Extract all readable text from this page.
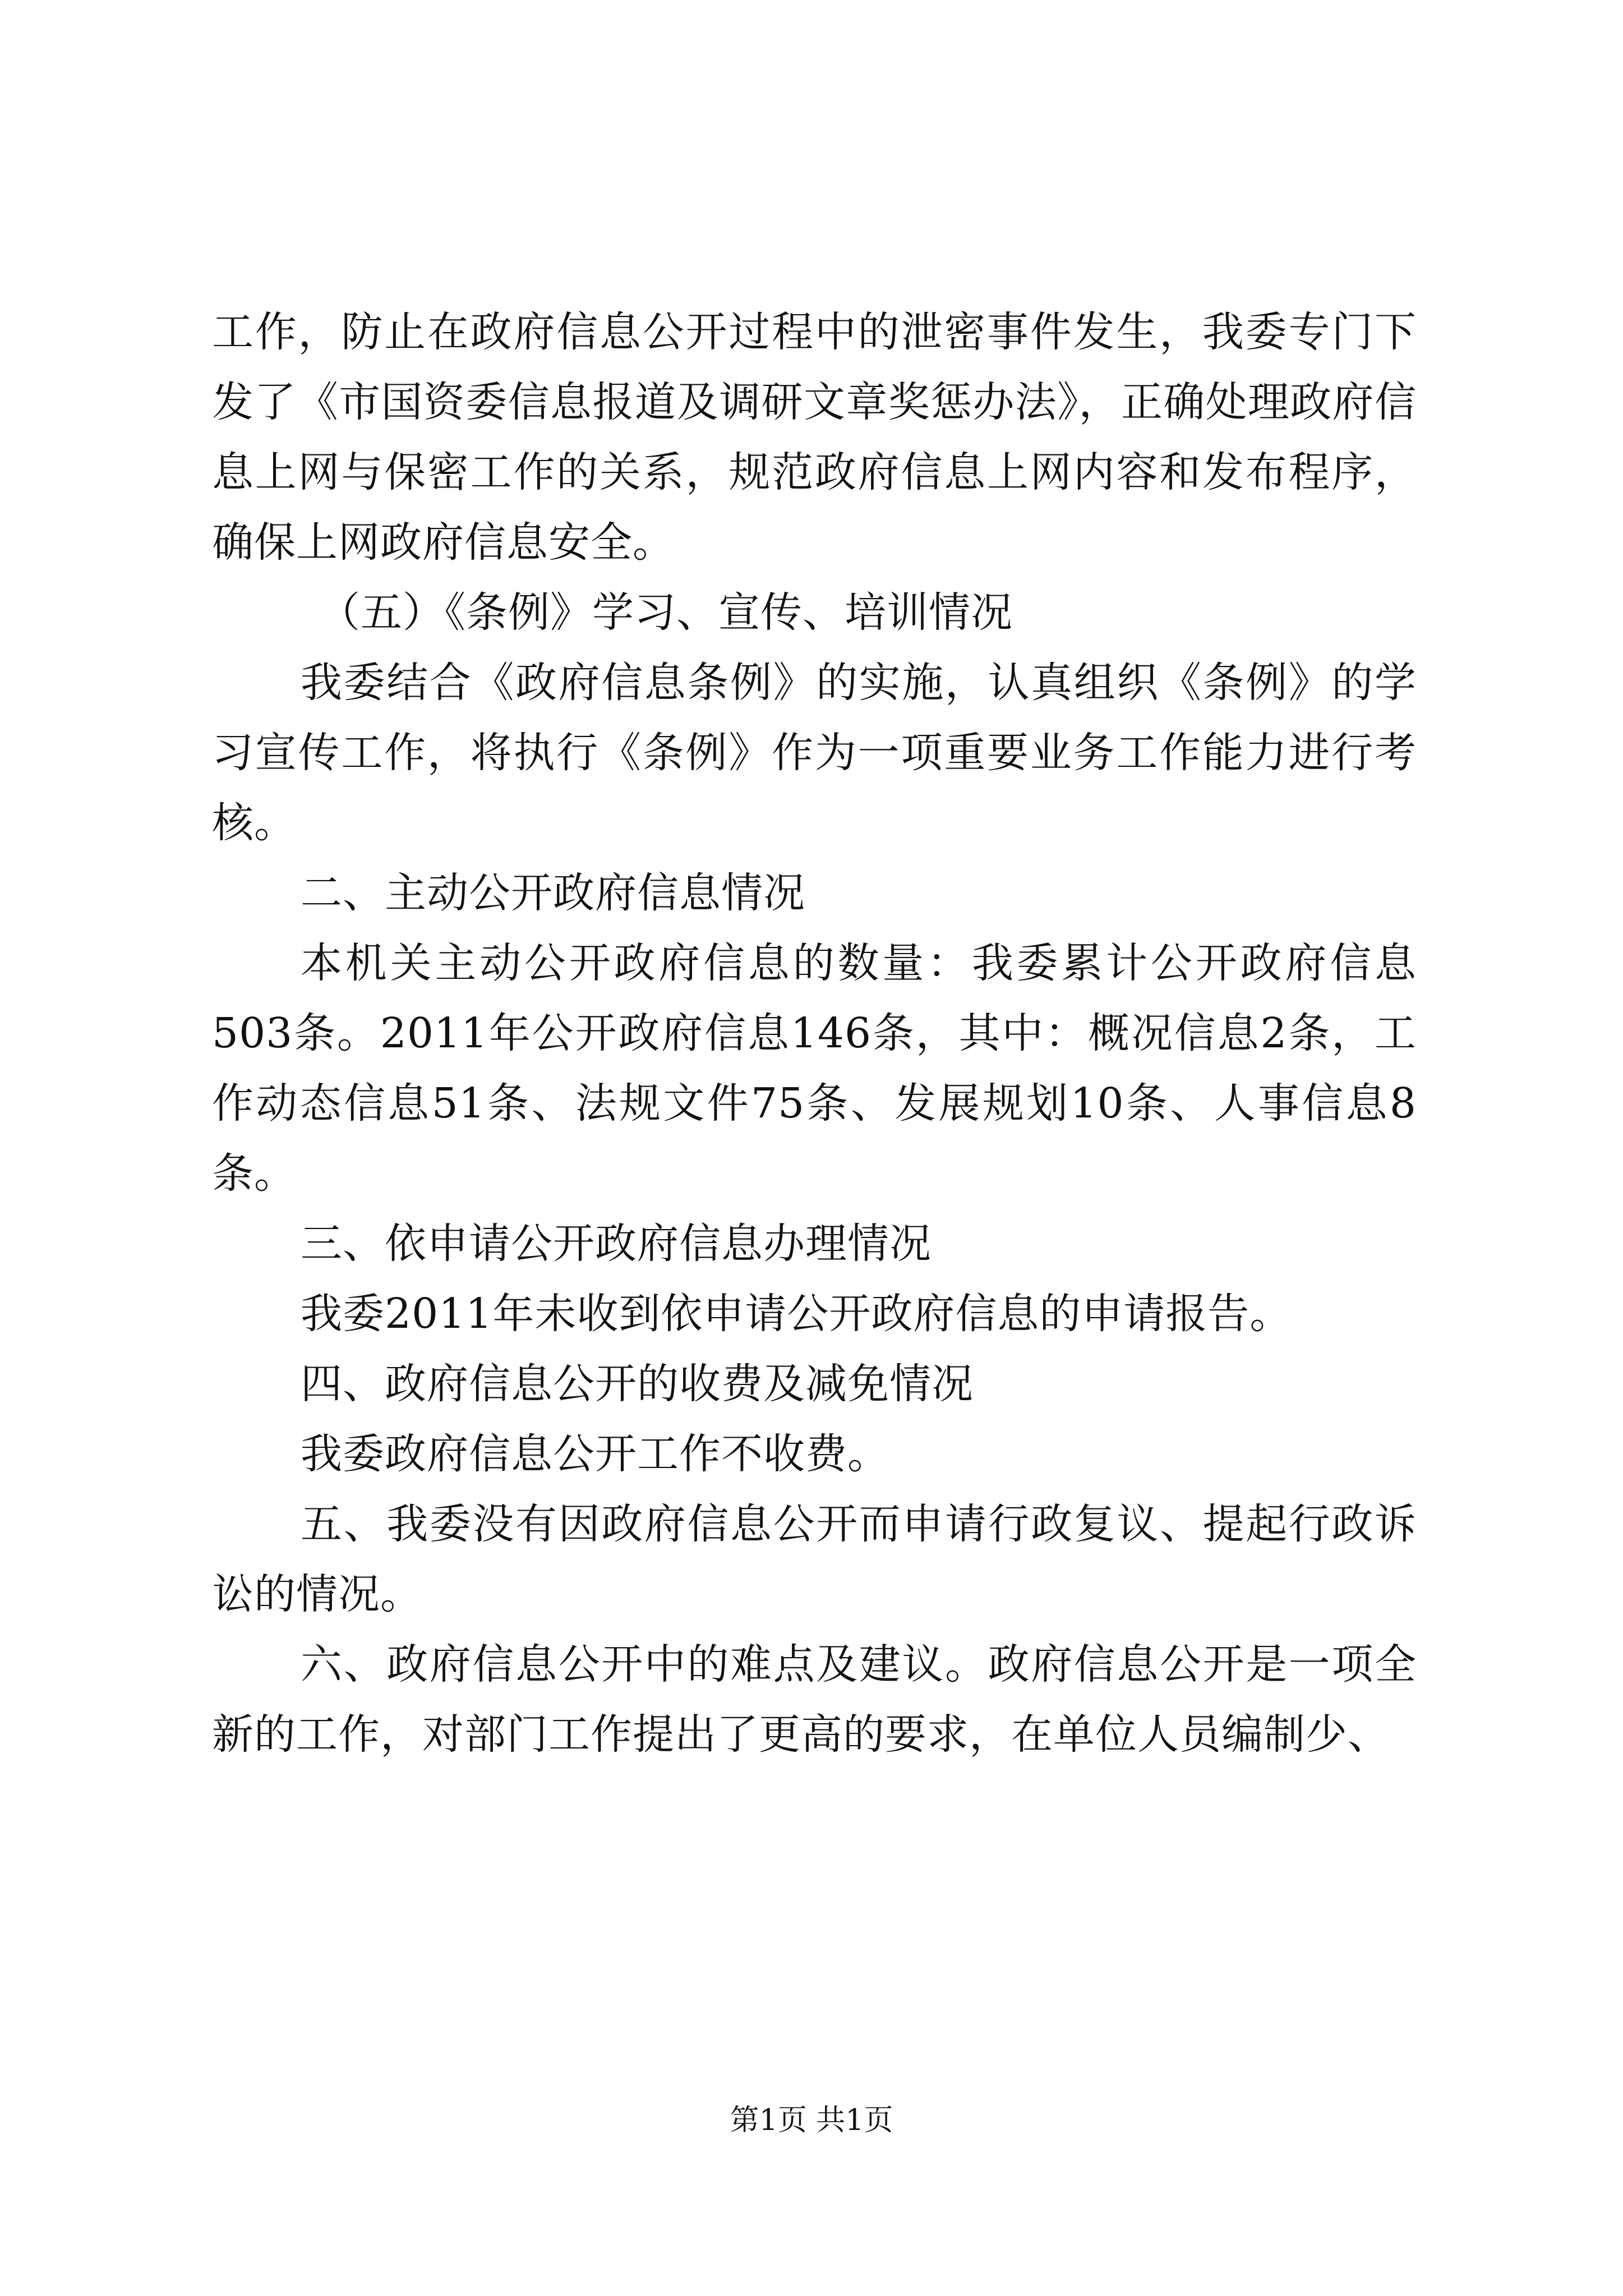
工作，防止在政府信息公开过程中的泄密事件发生，我委专门下发了《市国资委信息报道及调研文章奖惩办法》，正确处理政府信息上网与保密工作的关系，规范政府信息上网内容和发布程序，确保上网政府信息安全。

（五）《条例》学习、宣传、培训情况

我委结合《政府信息条例》的实施，认真组织《条例》的学习宣传工作，将执行《条例》作为一项重要业务工作能力进行考核。

二、主动公开政府信息情况

本机关主动公开政府信息的数量：我委累计公开政府信息503条。2011年公开政府信息146条，其中：概况信息2条，工作动态信息51条、法规文件75条、发展规划10条、人事信息8条。

三、依申请公开政府信息办理情况

我委2011年未收到依申请公开政府信息的申请报告。

四、政府信息公开的收费及减免情况

我委政府信息公开工作不收费。

五、我委没有因政府信息公开而申请行政复议、提起行政诉讼的情况。

六、政府信息公开中的难点及建议。政府信息公开是一项全新的工作，对部门工作提出了更高的要求，在单位人员编制少、

第1页 共1页
